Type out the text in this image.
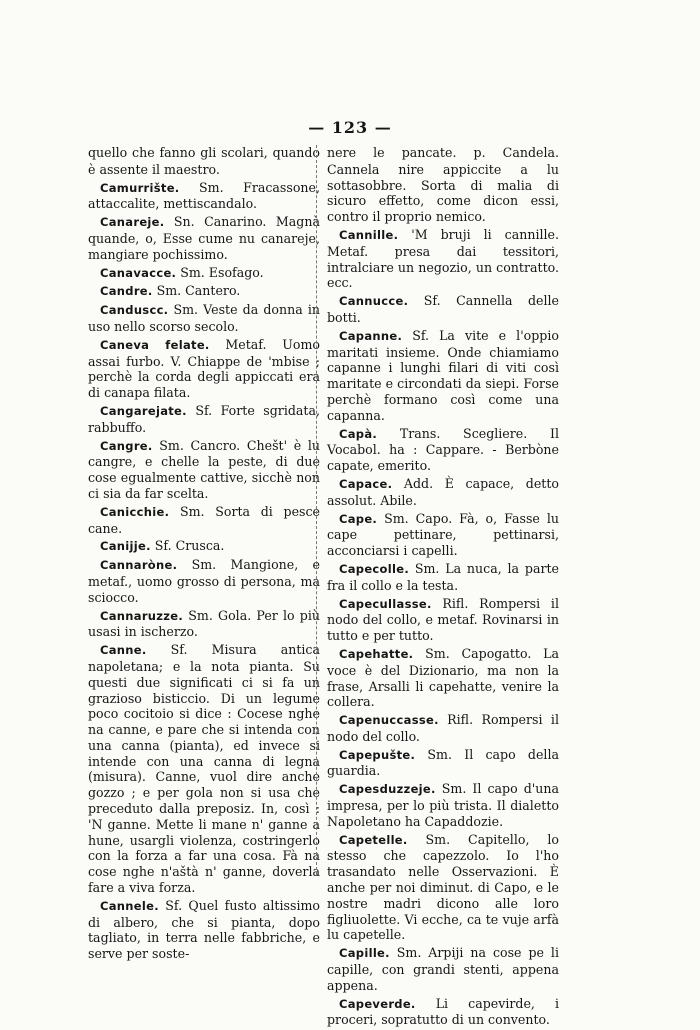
— 123 —

quello che fanno gli scolari, quando è assente il maestro.

Camurrište. Sm. Fracassone, attaccalite, mettiscandalo.

Canareje. Sn. Canarino. Magnà quande, o, Esse cume nu canareje, mangiare pochissimo.

Canavacce. Sm. Esofago.

Candre. Sm. Cantero.

Canduscc. Sm. Veste da donna in uso nello scorso secolo.

Caneva felate. Metaf. Uomo assai furbo. V. Chiappe de 'mbise ; perchè la corda degli appiccati era di canapa filata.

Cangarejate. Sf. Forte sgridata, rabbuffo.

Cangre. Sm. Cancro. Chešt' è lu cangre, e chelle la peste, di due cose egualmente cattive, sicchè non ci sia da far scelta.

Canicchie. Sm. Sorta di pesce cane.

Canijje. Sf. Crusca.

Cannaròne. Sm. Mangione, e metaf., uomo grosso di persona, ma sciocco.

Cannaruzze. Sm. Gola. Per lo più usasi in ischerzo.

Canne. Sf. Misura antica napoletana; e la nota pianta. Su questi due significati ci si fa un grazioso bisticcio. Di un legume poco cocitoio si dice : Cocese nghe na canne, e pare che si intenda con una canna (pianta), ed invece si intende con una canna di legna (misura). Canne, vuol dire anche gozzo ; e per gola non si usa che preceduto dalla preposiz. In, così : 'N ganne. Mette li mane n' ganne a hune, usargli violenza, costringerlo con la forza a far una cosa. Fà na cose nghe n'aštà n' ganne, doverla fare a viva forza.

Cannele. Sf. Quel fusto altissimo di albero, che si pianta, dopo tagliato, in terra nelle fabbriche, e serve per soste-

nere le pancate. p. Candela. Cannela nire appiccite a lu sottasobbre. Sorta di malia di sicuro effetto, come dicon essi, contro il proprio nemico.

Cannille. 'M bruji li cannille. Metaf. presa dai tessitori, intralciare un negozio, un contratto. ecc.

Cannucce. Sf. Cannella delle botti.

Capanne. Sf. La vite e l'oppio maritati insieme. Onde chiamiamo capanne i lunghi filari di viti così maritate e circondati da siepi. Forse perchè formano così come una capanna.

Capà. Trans. Scegliere. Il Vocabol. ha : Cappare. - Berbòne capate, emerito.

Capace. Add. È capace, detto assolut. Abile.

Cape. Sm. Capo. Fà, o, Fasse lu cape pettinare, pettinarsi, acconciarsi i capelli.

Capecolle. Sm. La nuca, la parte fra il collo e la testa.

Capecullasse. Rifl. Rompersi il nodo del collo, e metaf. Rovinarsi in tutto e per tutto.

Capehatte. Sm. Capogatto. La voce è del Dizionario, ma non la frase, Arsalli li capehatte, venire la collera.

Capenuccasse. Rifl. Rompersi il nodo del collo.

Capepušte. Sm. Il capo della guardia.

Capesduzzeje. Sm. Il capo d'una impresa, per lo più trista. Il dialetto Napoletano ha Capaddozie.

Capetelle. Sm. Capitello, lo stesso che capezzolo. Io l'ho trasandato nelle Osservazioni. È anche per noi diminut. di Capo, e le nostre madri dicono alle loro figliuolette. Vi ecche, ca te vuje arfà lu capetelle.

Capille. Sm. Arpiji na cose pe li capille, con grandi stenti, appena appena.

Capeverde. Li capevirde, i proceri, sopratutto di un convento.
